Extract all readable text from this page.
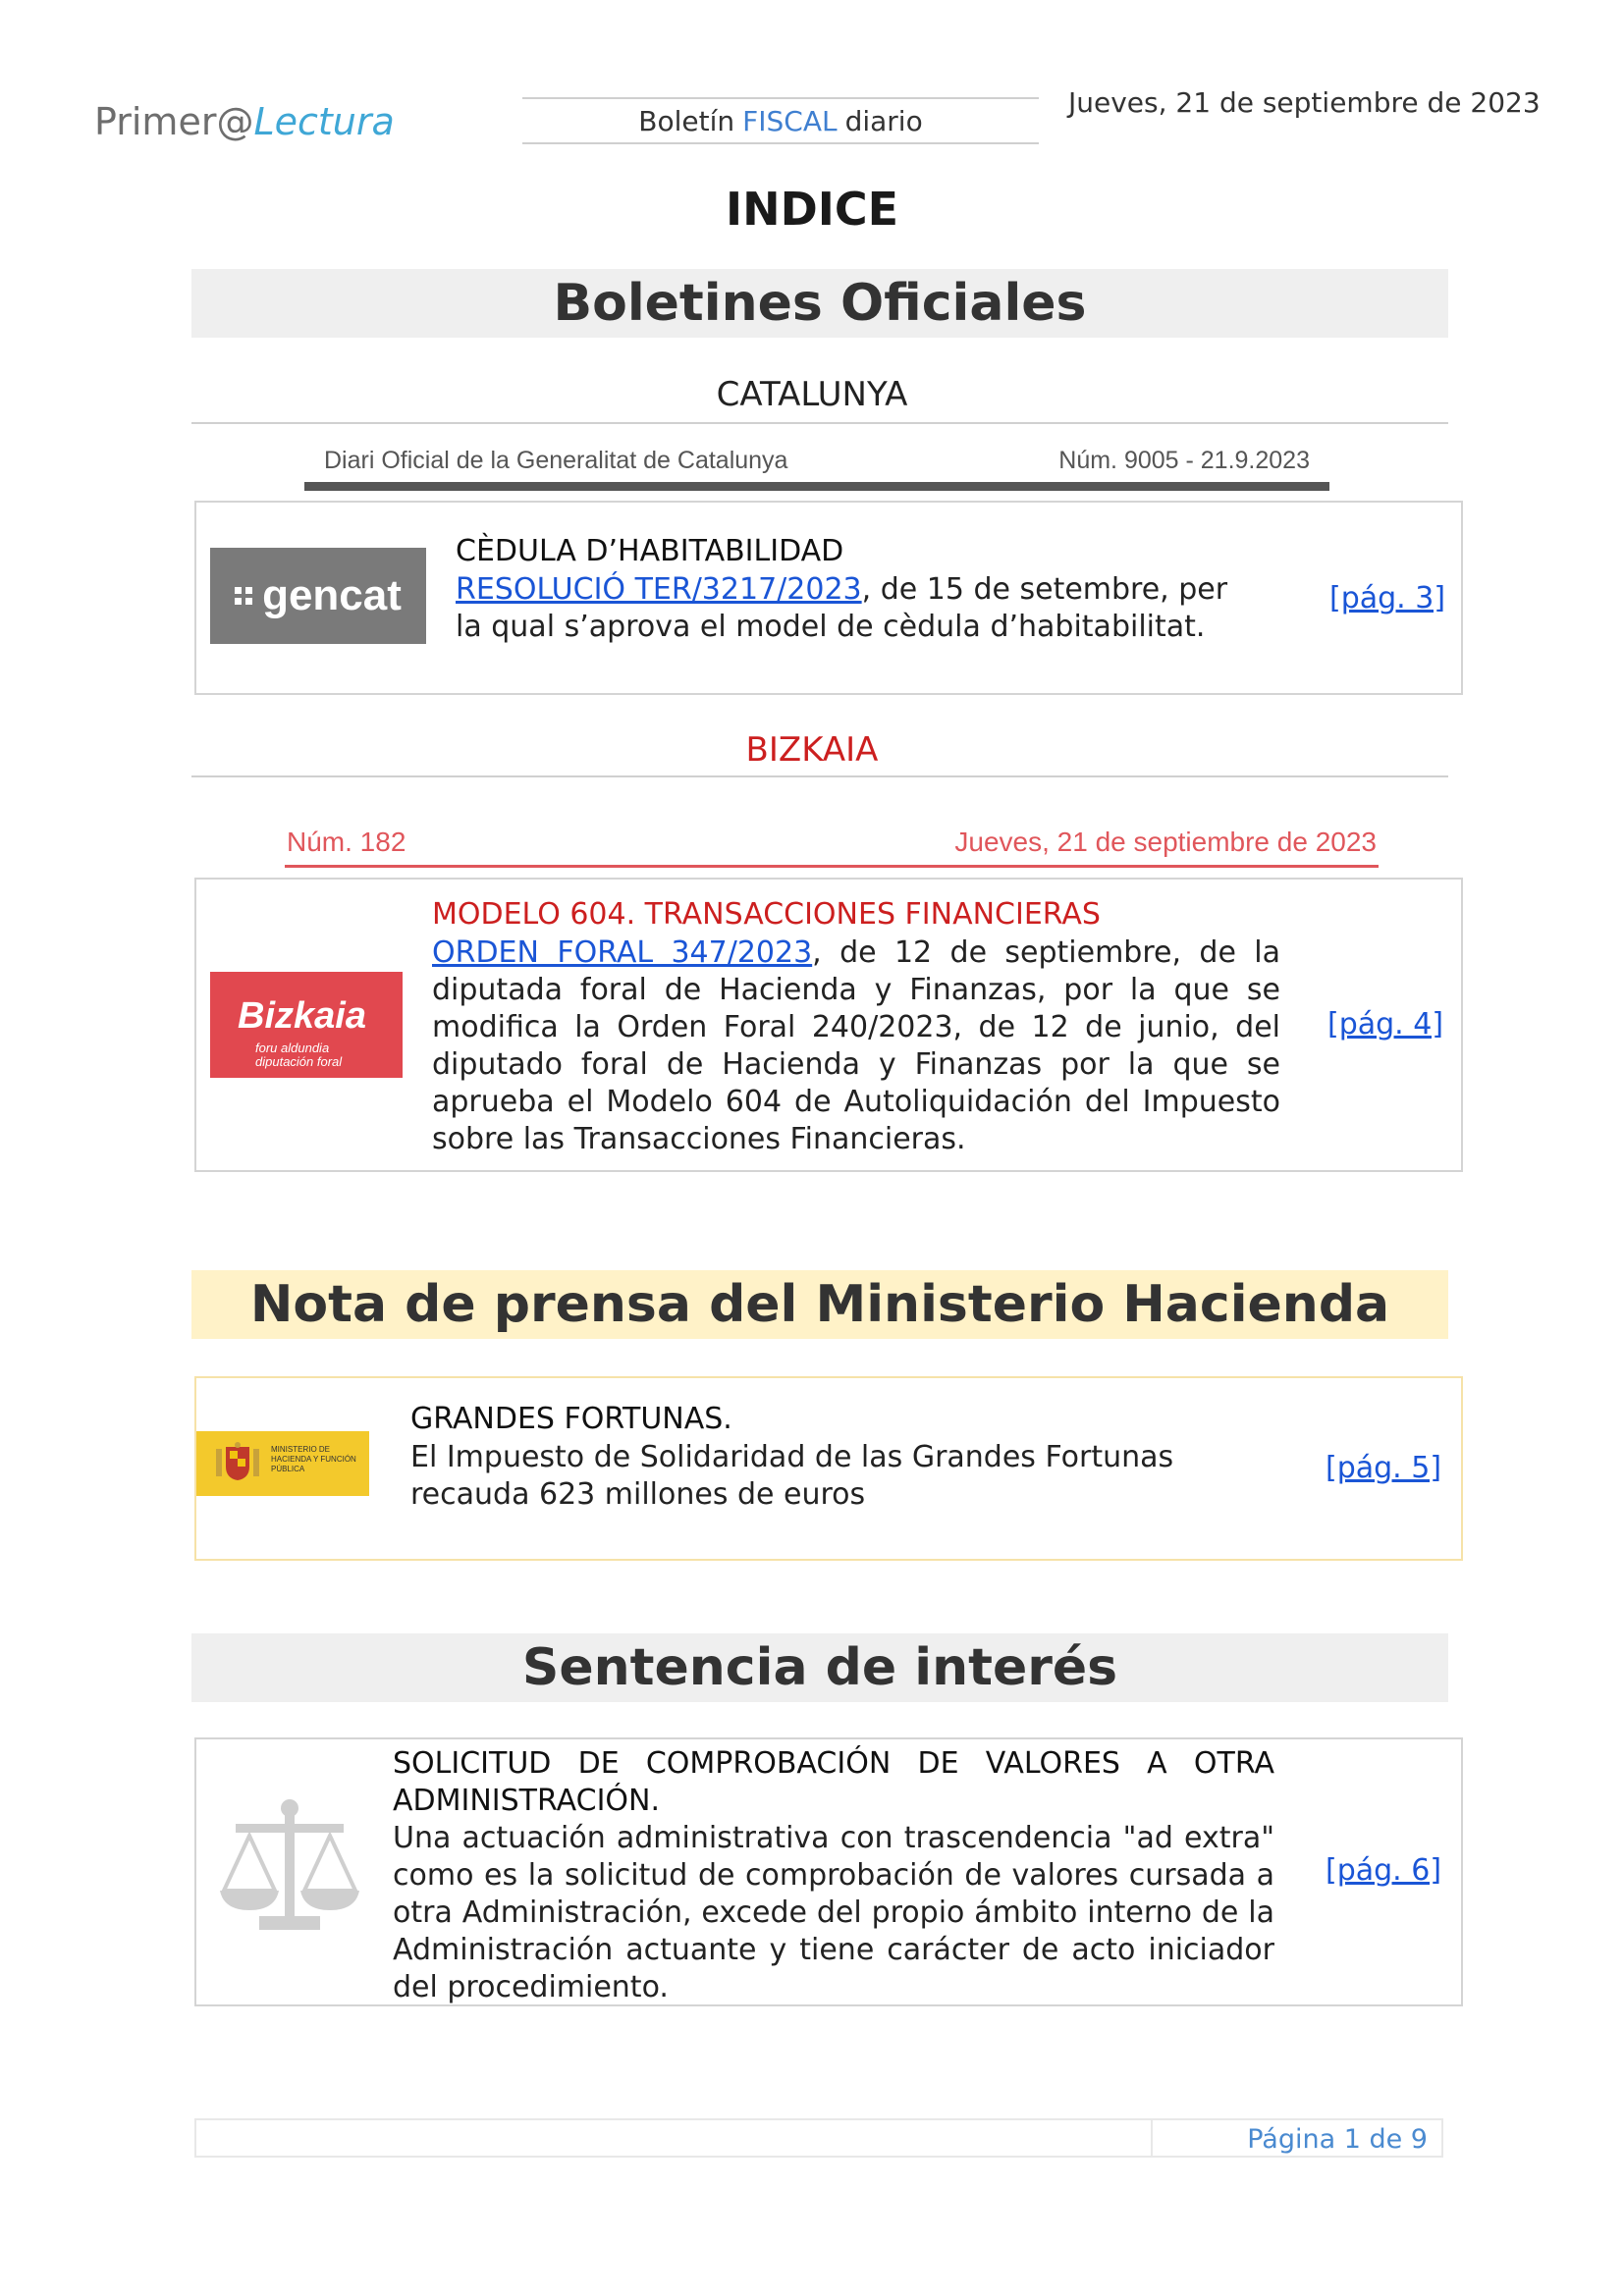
Primer@Lectura	Boletín FISCAL diario
Jueves, 21 de septiembre de 2023
INDICE
Boletines Oficiales
CATALUNYA
Diari Oficial de la Generalitat de Catalunya	Núm. 9005 - 21.9.2023
gencat
CÈDULA D’HABITABILIDAD
RESOLUCIÓ TER/3217/2023, de 15 de setembre, per la qual s’aprova el model de cèdula d’habitabilitat.
[pág. 3]
BIZKAIA
Núm. 182	Jueves, 21 de septiembre de 2023
Bizkaia
foru aldundia
diputación foral
MODELO 604. TRANSACCIONES FINANCIERAS
ORDEN FORAL 347/2023, de 12 de septiembre, de la diputada foral de Hacienda y Finanzas, por la que se modifica la Orden Foral 240/2023, de 12 de junio, del diputado foral de Hacienda y Finanzas por la que se aprueba el Modelo 604 de Autoliquidación del Impuesto sobre las Transacciones Financieras.
[pág. 4]
Nota de prensa del Ministerio Hacienda
MINISTERIO DE HACIENDA Y FUNCIÓN PÚBLICA
GRANDES FORTUNAS.
El Impuesto de Solidaridad de las Grandes Fortunas recauda 623 millones de euros
[pág. 5]
Sentencia de interés
SOLICITUD DE COMPROBACIÓN DE VALORES A OTRA ADMINISTRACIÓN.
Una actuación administrativa con trascendencia "ad extra" como es la solicitud de comprobación de valores cursada a otra Administración, excede del propio ámbito interno de la Administración actuante y tiene carácter de acto iniciador del procedimiento.
[pág. 6]
Página 1 de 9
